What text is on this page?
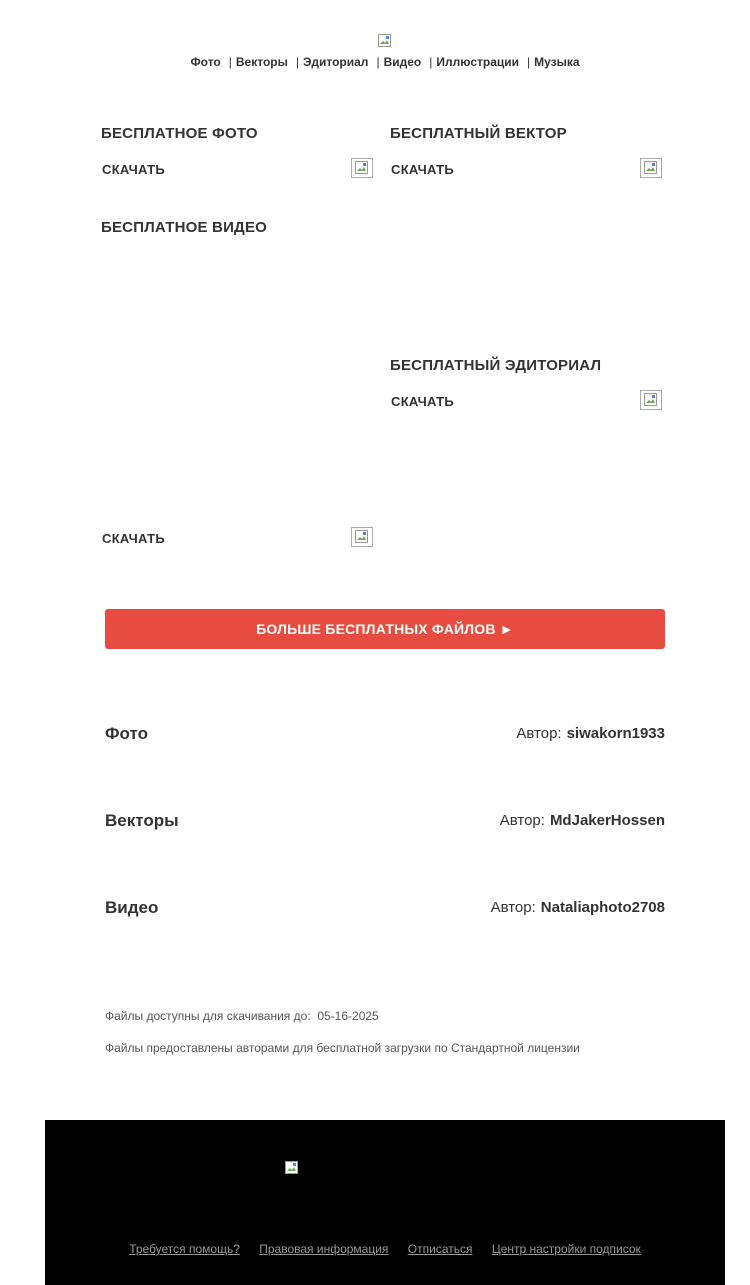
Фото | Векторы | Эдиториал | Видео | Иллюстрации | Музыка
БЕСПЛАТНОЕ ФОТО
СКАЧАТЬ
БЕСПЛАТНЫЙ ВЕКТОР
СКАЧАТЬ
БЕСПЛАТНОЕ ВИДЕО
СКАЧАТЬ
БЕСПЛАТНЫЙ ЭДИТОРИАЛ
СКАЧАТЬ
БОЛЬШЕ БЕСПЛАТНЫХ ФАЙЛОВ ►
Фото	Автор: siwakorn1933
Векторы	Автор: MdJakerHossen
Видео	Автор: Nataliaphoto2708
Файлы доступны для скачивания до: 05-16-2025
Файлы предоставлены авторами для бесплатной загрузки по Стандартной лицензии
Требуется помощь? Правовая информация Отписаться Центр настройки подписок
